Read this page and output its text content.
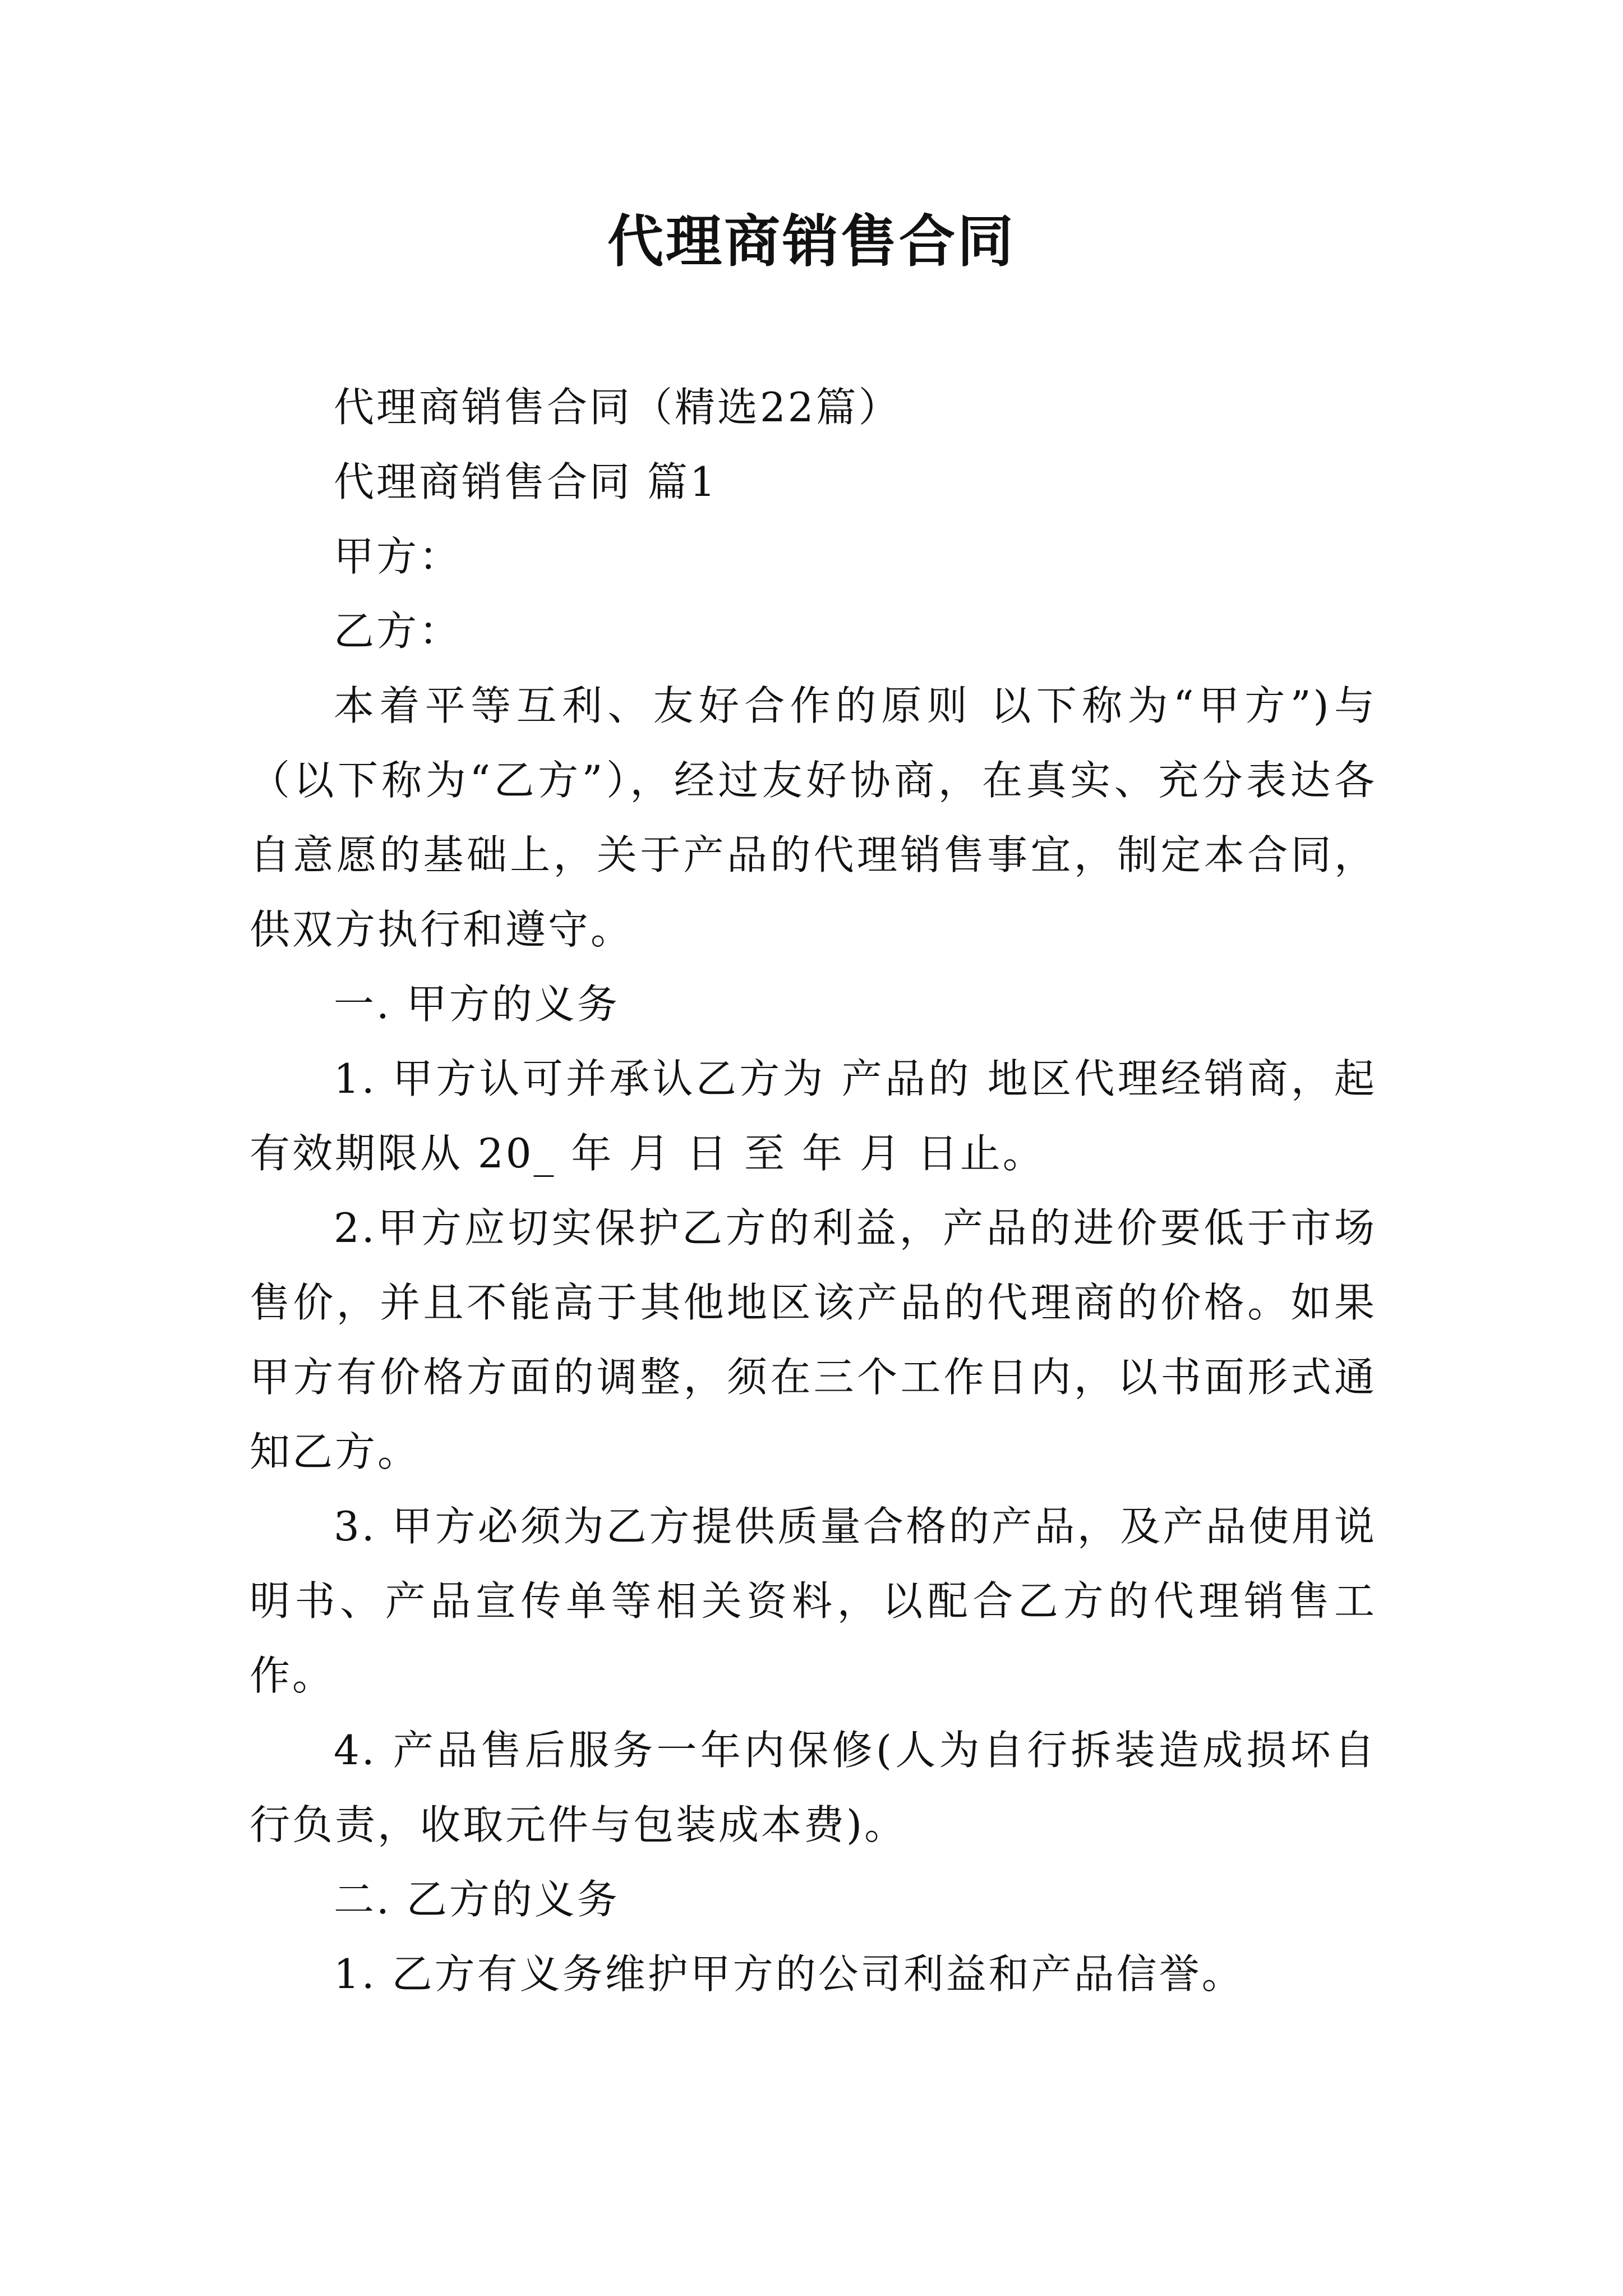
代理商销售合同

代理商销售合同（精选22篇）

代理商销售合同 篇1

甲方：

乙方：

本着平等互利、友好合作的原则 以下称为“甲方”)与（以下称为“乙方”），经过友好协商，在真实、充分表达各自意愿的基础上，关于产品的代理销售事宜，制定本合同，供双方执行和遵守。

一. 甲方的义务

1. 甲方认可并承认乙方为 产品的 地区代理经销商，起有效期限从 20_ 年 月 日 至 年 月 日止。

2.甲方应切实保护乙方的利益，产品的进价要低于市场售价，并且不能高于其他地区该产品的代理商的价格。如果甲方有价格方面的调整，须在三个工作日内，以书面形式通知乙方。

3. 甲方必须为乙方提供质量合格的产品，及产品使用说明书、产品宣传单等相关资料，以配合乙方的代理销售工作。

4. 产品售后服务一年内保修(人为自行拆装造成损坏自行负责，收取元件与包装成本费)。

二. 乙方的义务

1. 乙方有义务维护甲方的公司利益和产品信誉。
